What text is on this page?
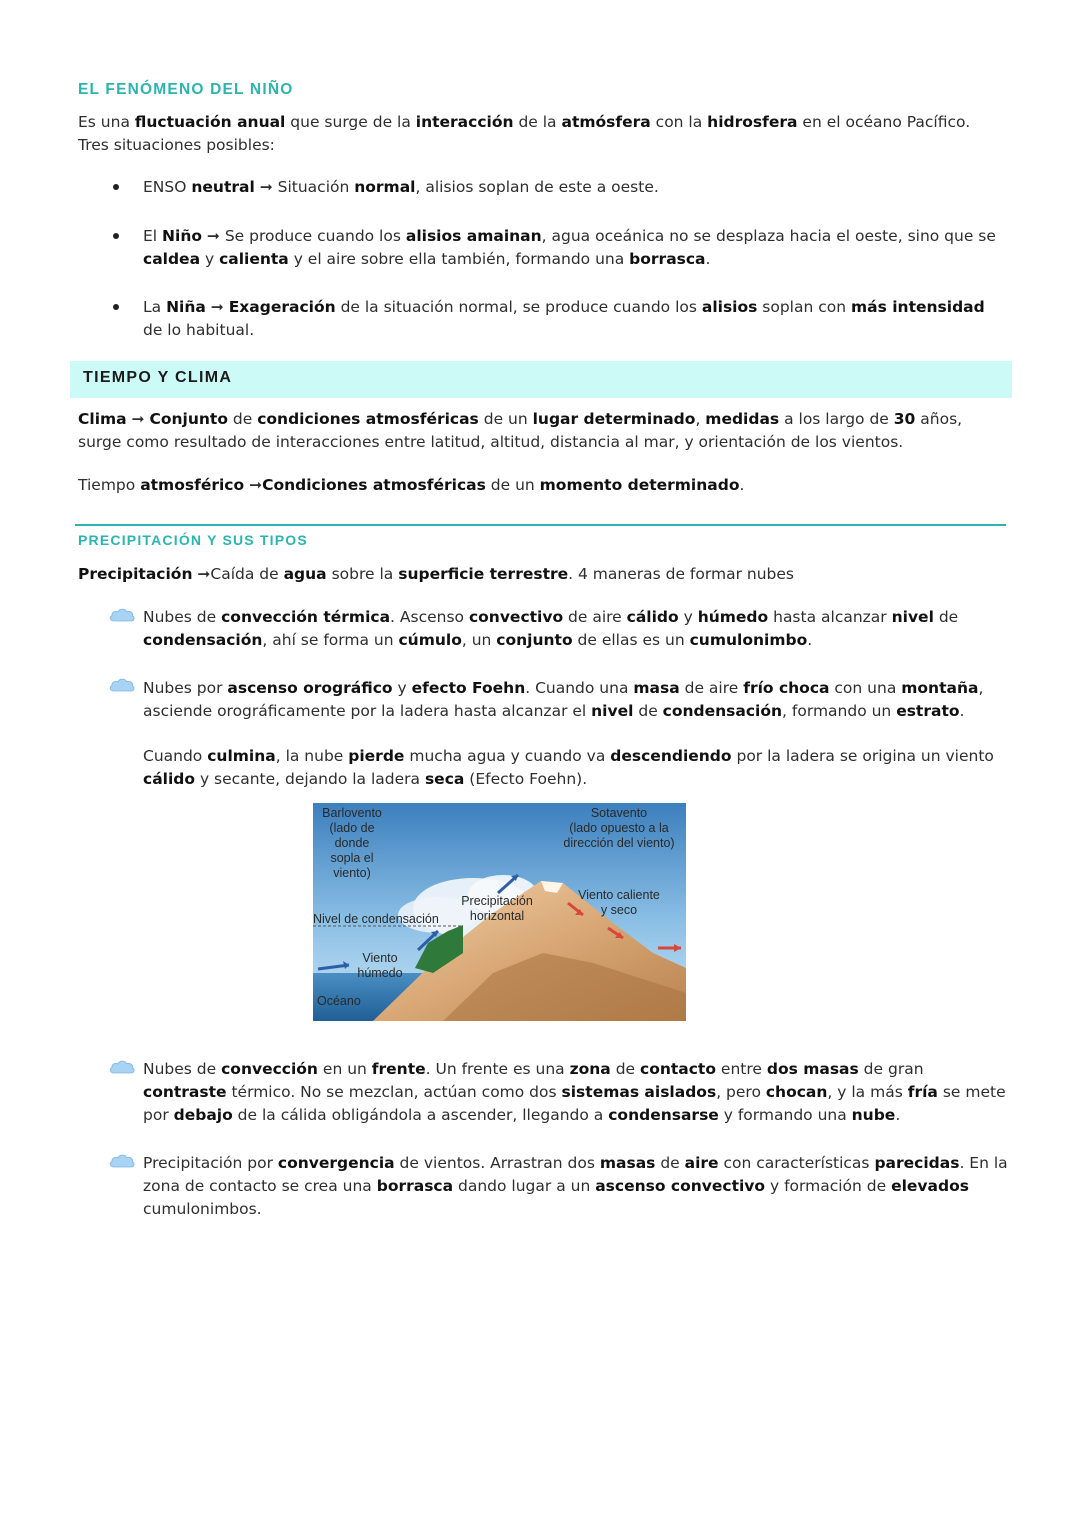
EL FENÓMENO DEL NIÑO

Es una fluctuación anual que surge de la interacción de la atmósfera con la hidrosfera en el océano Pacífico. Tres situaciones posibles:

ENSO neutral ➞ Situación normal, alisios soplan de este a oeste.

El Niño ➞ Se produce cuando los alisios amainan, agua oceánica no se desplaza hacia el oeste, sino que se caldea y calienta y el aire sobre ella también, formando una borrasca.

La Niña ➞ Exageración de la situación normal, se produce cuando los alisios soplan con más intensidad de lo habitual.

TIEMPO Y CLIMA

Clima ➞ Conjunto de condiciones atmosféricas de un lugar determinado, medidas a los largo de 30 años, surge como resultado de interacciones entre latitud, altitud, distancia al mar, y orientación de los vientos.

Tiempo atmosférico ➞Condiciones atmosféricas de un momento determinado.

PRECIPITACIÓN Y SUS TIPOS

Precipitación ➞Caída de agua sobre la superficie terrestre. 4 maneras de formar nubes

Nubes de convección térmica. Ascenso convectivo de aire cálido y húmedo hasta alcanzar nivel de condensación, ahí se forma un cúmulo, un conjunto de ellas es un cumulonimbo.

Nubes por ascenso orográfico y efecto Foehn. Cuando una masa de aire frío choca con una montaña, asciende orográficamente por la ladera hasta alcanzar el nivel de condensación, formando un estrato.

Cuando culmina, la nube pierde mucha agua y cuando va descendiendo por la ladera se origina un viento cálido y secante, dejando la ladera seca (Efecto Foehn).

Barlovento
(lado de donde
sopla el viento)
Sotavento
(lado opuesto a la
dirección del viento)
Viento caliente
y seco
Precipitación
horizontal
Nivel de condensación
Viento
húmedo
Océano

Nubes de convección en un frente. Un frente es una zona de contacto entre dos masas de gran contraste térmico. No se mezclan, actúan como dos sistemas aislados, pero chocan, y la más fría se mete por debajo de la cálida obligándola a ascender, llegando a condensarse y formando una nube.

Precipitación por convergencia de vientos. Arrastran dos masas de aire con características parecidas. En la zona de contacto se crea una borrasca dando lugar a un ascenso convectivo y formación de elevados cumulonimbos.
